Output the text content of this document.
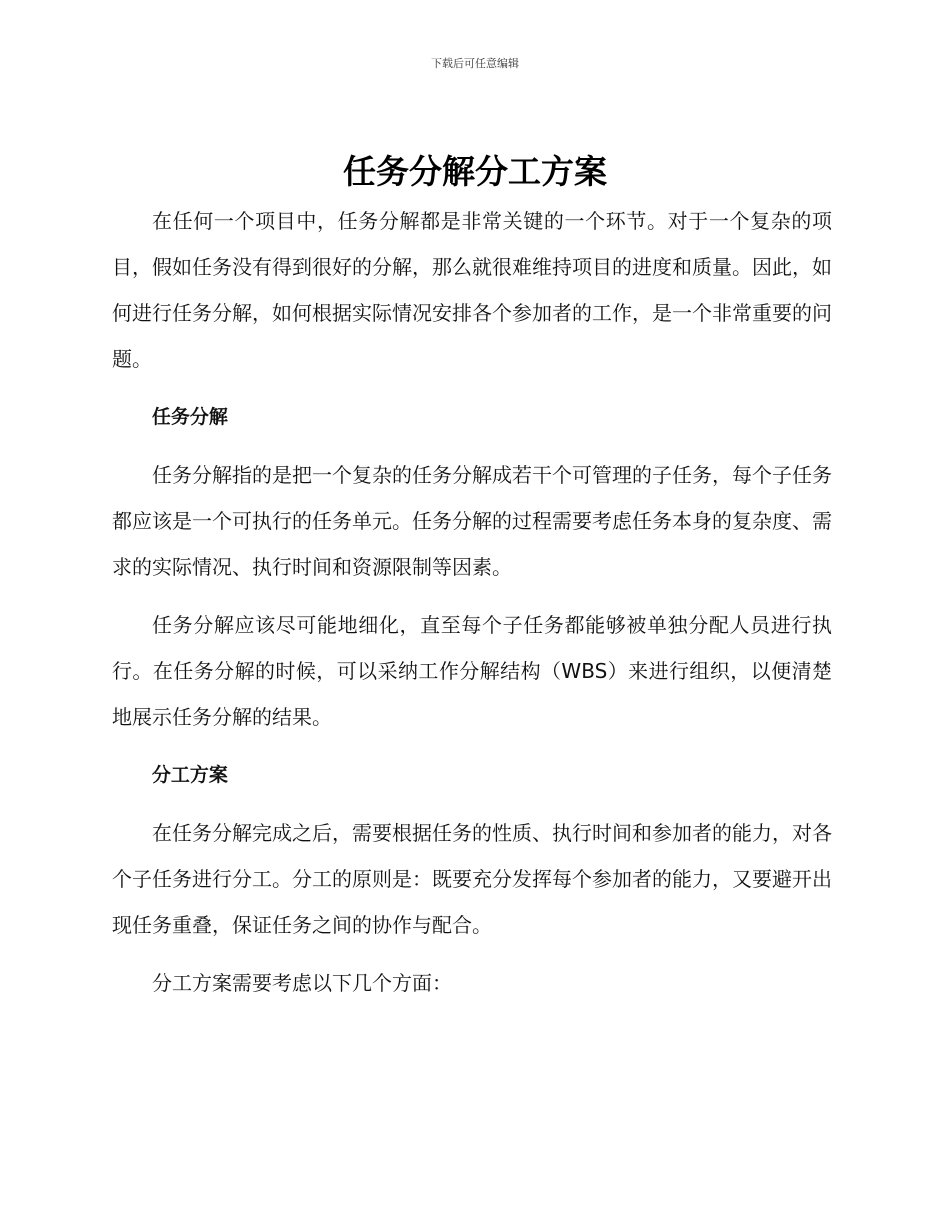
下载后可任意编辑
任务分解分工方案

在任何一个项目中，任务分解都是非常关键的一个环节。对于一个复杂的项目，假如任务没有得到很好的分解，那么就很难维持项目的进度和质量。因此，如何进行任务分解，如何根据实际情况安排各个参加者的工作，是一个非常重要的问题。

任务分解

任务分解指的是把一个复杂的任务分解成若干个可管理的子任务，每个子任务都应该是一个可执行的任务单元。任务分解的过程需要考虑任务本身的复杂度、需求的实际情况、执行时间和资源限制等因素。

任务分解应该尽可能地细化，直至每个子任务都能够被单独分配人员进行执行。在任务分解的时候，可以采纳工作分解结构（WBS）来进行组织，以便清楚地展示任务分解的结果。

分工方案

在任务分解完成之后，需要根据任务的性质、执行时间和参加者的能力，对各个子任务进行分工。分工的原则是：既要充分发挥每个参加者的能力，又要避开出现任务重叠，保证任务之间的协作与配合。

分工方案需要考虑以下几个方面：
